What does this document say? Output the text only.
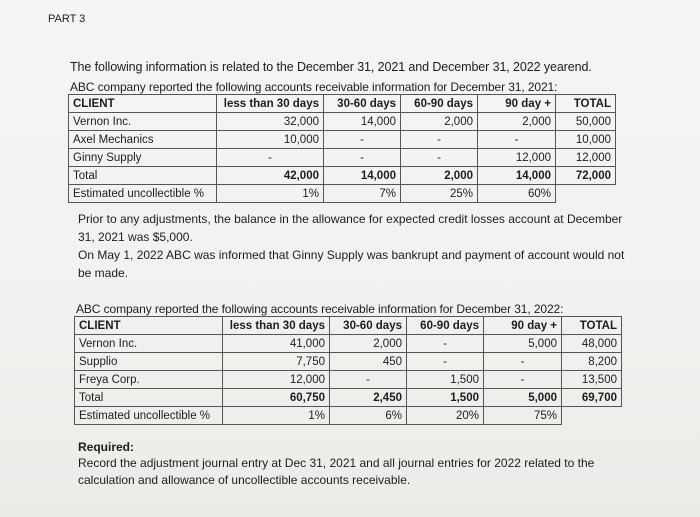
PART 3
The following information is related to the December 31, 2021 and December 31, 2022 yearend.
ABC company reported the following accounts receivable information for December 31, 2021:
CLIENT	less than 30 days	30-60 days	60-90 days	90 day +	TOTAL
Vernon Inc.	32,000	14,000	2,000	2,000	50,000
Axel Mechanics	10,000	-	-	-	10,000
Ginny Supply	-	-	-	12,000	12,000
Total	42,000	14,000	2,000	14,000	72,000
Estimated uncollectible %	1%	7%	25%	60%	
Prior to any adjustments, the balance in the allowance for expected credit losses account at December 31, 2021 was $5,000.
On May 1, 2022 ABC was informed that Ginny Supply was bankrupt and payment of account would not be made.
ABC company reported the following accounts receivable information for December 31, 2022:
CLIENT	less than 30 days	30-60 days	60-90 days	90 day +	TOTAL
Vernon Inc.	41,000	2,000	-	5,000	48,000
Supplio	7,750	450	-	-	8,200
Freya Corp.	12,000	-	1,500	-	13,500
Total	60,750	2,450	1,500	5,000	69,700
Estimated uncollectible %	1%	6%	20%	75%	
Required:
Record the adjustment journal entry at Dec 31, 2021 and all journal entries for 2022 related to the calculation and allowance of uncollectible accounts receivable.
